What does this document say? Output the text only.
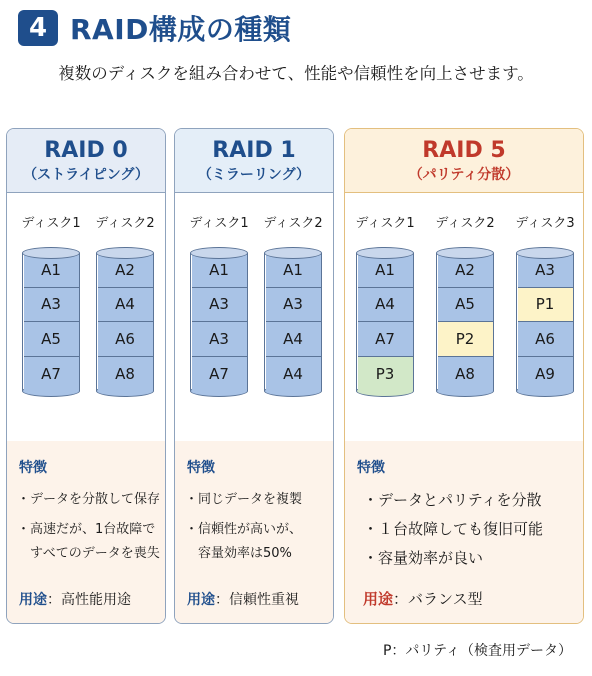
4 RAID構成の種類
複数のディスクを組み合わせて、性能や信頼性を向上させます。
RAID 0
（ストライピング）
ディスク1
A1
A3
A5
A7
ディスク2
A2
A4
A6
A8
特徴
・データを分散して保存
・高速だが、1台故障で
　すべてのデータを喪失
用途：高性能用途
RAID 1
（ミラーリング）
ディスク1
A1
A3
A3
A7
ディスク2
A1
A3
A4
A4
特徴
・同じデータを複製
・信頼性が高いが、
　容量効率は50%
用途：信頼性重視
RAID 5
（パリティ分散）
ディスク1
A1
A4
A7
P3
ディスク2
A2
A5
P2
A8
ディスク3
A3
P1
A6
A9
特徴
・データとパリティを分散
・１台故障しても復旧可能
・容量効率が良い
用途：バランス型
P：パリティ（検査用データ）
